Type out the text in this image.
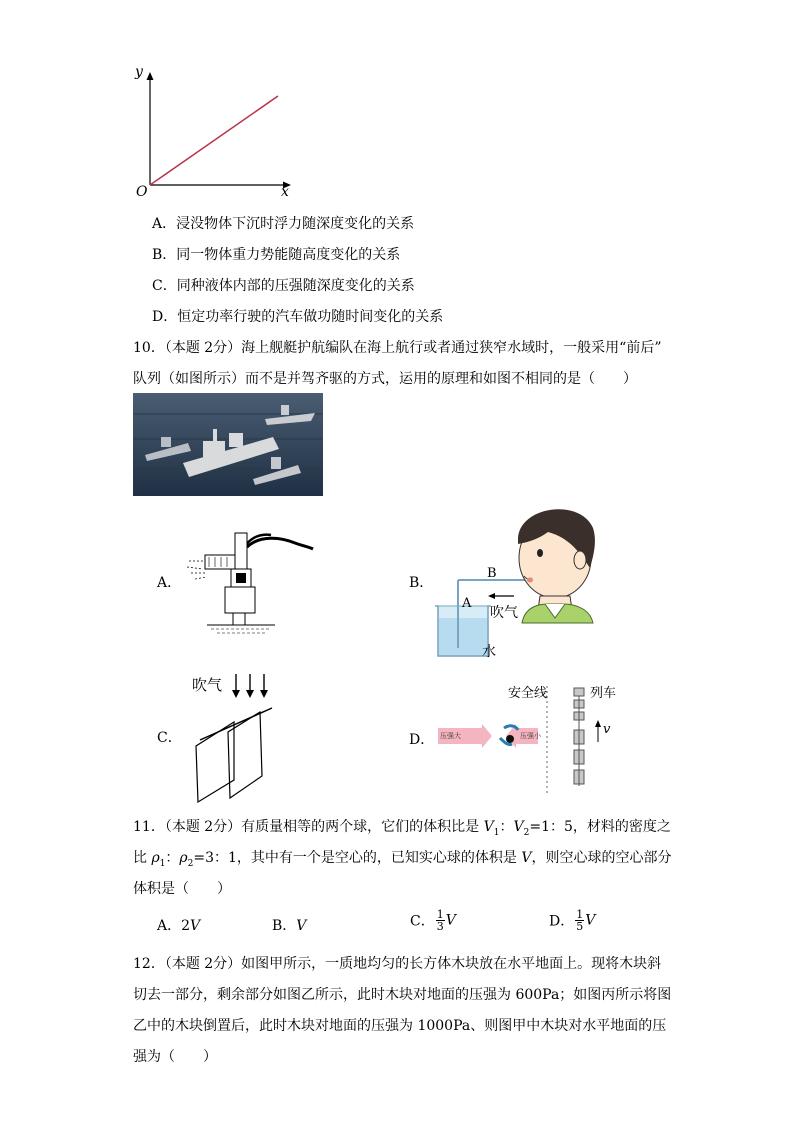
y
O	x
A．浸没物体下沉时浮力随深度变化的关系
B．同一物体重力势能随高度变化的关系
C．同种液体内部的压强随深度变化的关系
D．恒定功率行驶的汽车做功随时间变化的关系
10．（本题 2分）海上舰艇护航编队在海上航行或者通过狭窄水域时，一般采用“前后”
队列（如图所示）而不是并驾齐驱的方式，运用的原理和如图不相同的是（　　）
A．	B．
B
A
吹气
水
C．
吹气
D．
安全线	列车
压强大	压强小	v
11．（本题 2分）有质量相等的两个球，它们的体积比是 $V_1$：$V_2=1$：5，材料的密度之
比 $\rho_1$：$\rho_2=3$：1，其中有一个是空心的，已知实心球的体积是 V，则空心球的空心部分
体积是（　　）
A．2V	B．V	C． $\frac{1}{3}$ V	D． $\frac{1}{5}$ V
12．（本题 2分）如图甲所示，一质地均匀的长方体木块放在水平地面上。现将木块斜
切去一部分，剩余部分如图乙所示，此时木块对地面的压强为 600Pa；如图丙所示将图
乙中的木块倒置后，此时木块对地面的压强为 1000Pa、则图甲中木块对水平地面的压
强为（　　）
